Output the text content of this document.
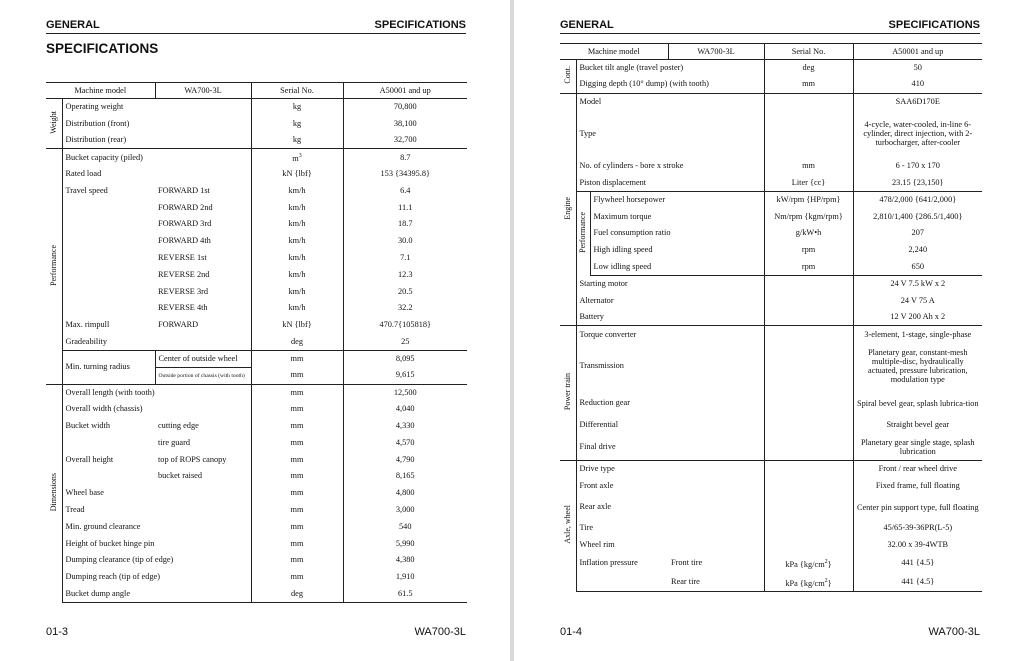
GENERAL	SPECIFICATIONS
SPECIFICATIONS
Machine model		WA700-3L	Serial No.	A50001 and up
Weight	Operating weight		kg	70,800
	Distribution (front)		kg	38,100
	Distribution (rear)		kg	32,700
Performance	Bucket capacity (piled)		$m^3$	8.7
	Rated load		kN {lbf}	153 {34395.8}
	Travel speed	FORWARD 1st	km/h	6.4
		FORWARD 2nd	km/h	11.1
		FORWARD 3rd	km/h	18.7
		FORWARD 4th	km/h	30.0
		REVERSE 1st	km/h	7.1
		REVERSE 2nd	km/h	12.3
		REVERSE 3rd	km/h	20.5
		REVERSE 4th	km/h	32.2
	Max. rimpull	FORWARD	kN {lbf}	470.7{105818}
	Gradeability		deg	25
	Min. turning radius	Center of outside wheel	mm	8,095
		Outside portion of chassis (with tooth)	mm	9,615
Dimensions	Overall length (with tooth)		mm	12,500
	Overall width (chassis)		mm	4,040
	Bucket width	cutting edge	mm	4,330
		tire guard	mm	4,570
	Overall height	top of ROPS canopy	mm	4,790
		bucket raised	mm	8,165
	Wheel base		mm	4,800
	Tread		mm	3,000
	Min. ground clearance		mm	540
	Height of bucket hinge pin		mm	5,990
	Dumping clearance (tip of edge)		mm	4,380
	Dumping reach (tip of edge)		mm	1,910
	Bucket dump angle		deg	61.5
01-3	WA700-3L
GENERAL	SPECIFICATIONS
Machine model			WA700-3L	Serial No.	A50001 and up
Cont.	Bucket tilt angle (travel poster)			deg	50
	Digging depth (10° dump) (with tooth)			mm	410
Engine	Model				SAA6D170E
	Type				4-cycle, water-cooled, in-line 6-cylinder, direct injection, with 2-turbocharger, after-cooler
	No. of cylinders - bore x stroke			mm	6 - 170 x 170
	Piston displacement			Liter {cc}	23.15 {23,150}
	Performance	Flywheel horsepower		kW/rpm {HP/rpm}	478/2,000 {641/2,000}
		Maximum torque		Nm/rpm {kgm/rpm}	2,810/1,400 {286.5/1,400}
		Fuel consumption ratio		g/kW•h	207
		High idling speed		rpm	2,240
		Low idling speed		rpm	650
	Starting motor				24 V 7.5 kW x 2
	Alternator				24 V 75 A
	Battery				12 V 200 Ah x 2
Power train	Torque converter				3-element, 1-stage, single-phase
	Transmission				Planetary gear, constant-mesh multiple-disc, hydraulically actuated, pressure lubrication, modulation type
	Reduction gear				Spiral bevel gear, splash lubrica-tion
	Differential				Straight bevel gear
	Final drive				Planetary gear single stage, splash lubrication
Axle, wheel	Drive type				Front / rear wheel drive
	Front axle				Fixed frame, full floating
	Rear axle				Center pin support type, full floating
	Tire				45/65-39-36PR(L-5)
	Wheel rim				32.00 x 39-4WTB
	Inflation pressure		Front tire	kPa $\{kg/cm^2\}$	441 {4.5}
			Rear tire	kPa $\{kg/cm^2\}$	441 {4.5}
01-4	WA700-3L
